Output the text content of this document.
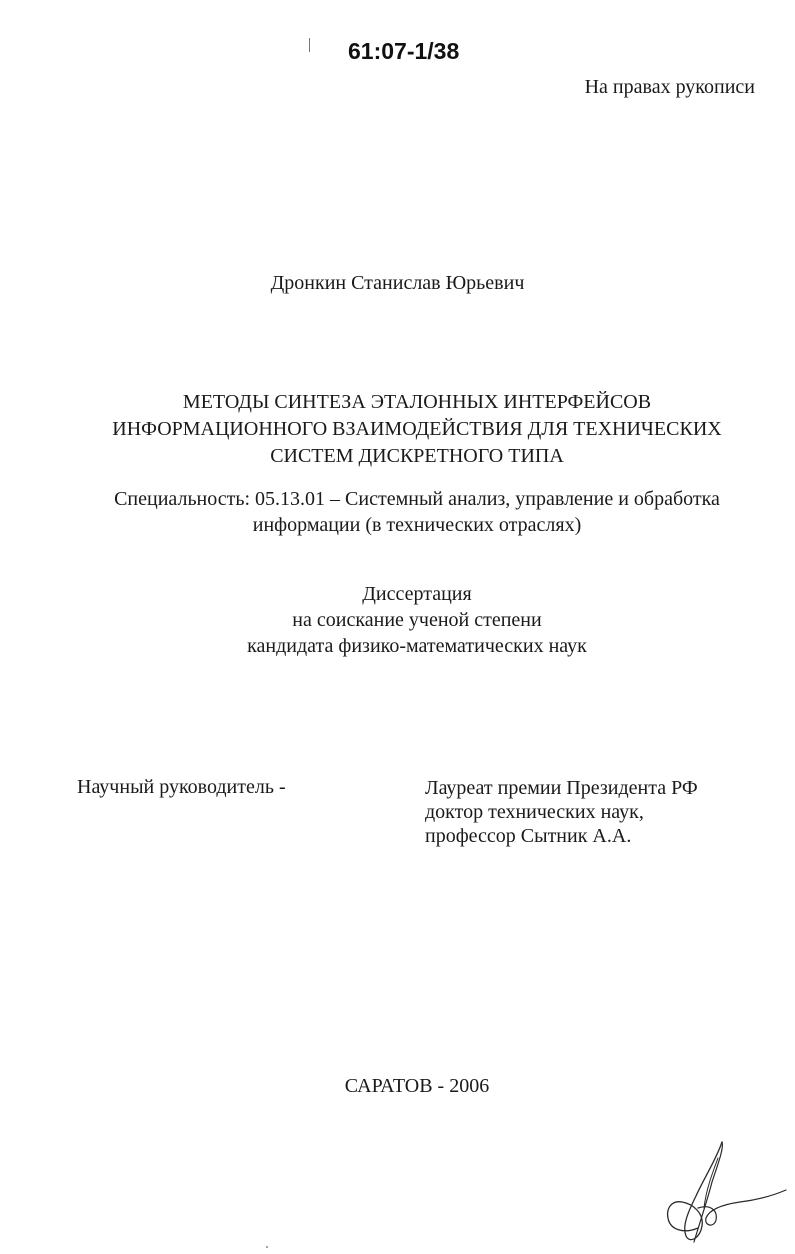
61:07-1/38
На правах рукописи
Дронкин Станислав Юрьевич
МЕТОДЫ СИНТЕЗА ЭТАЛОННЫХ ИНТЕРФЕЙСОВ
ИНФОРМАЦИОННОГО ВЗАИМОДЕЙСТВИЯ ДЛЯ ТЕХНИЧЕСКИХ
СИСТЕМ ДИСКРЕТНОГО ТИПА
Специальность: 05.13.01 – Системный анализ, управление и обработка
информации (в технических отраслях)
Диссертация
на соискание ученой степени
кандидата физико-математических наук
Научный руководитель -	Лауреат премии Президента РФ
доктор технических наук,
профессор Сытник А.А.
САРАТОВ - 2006
